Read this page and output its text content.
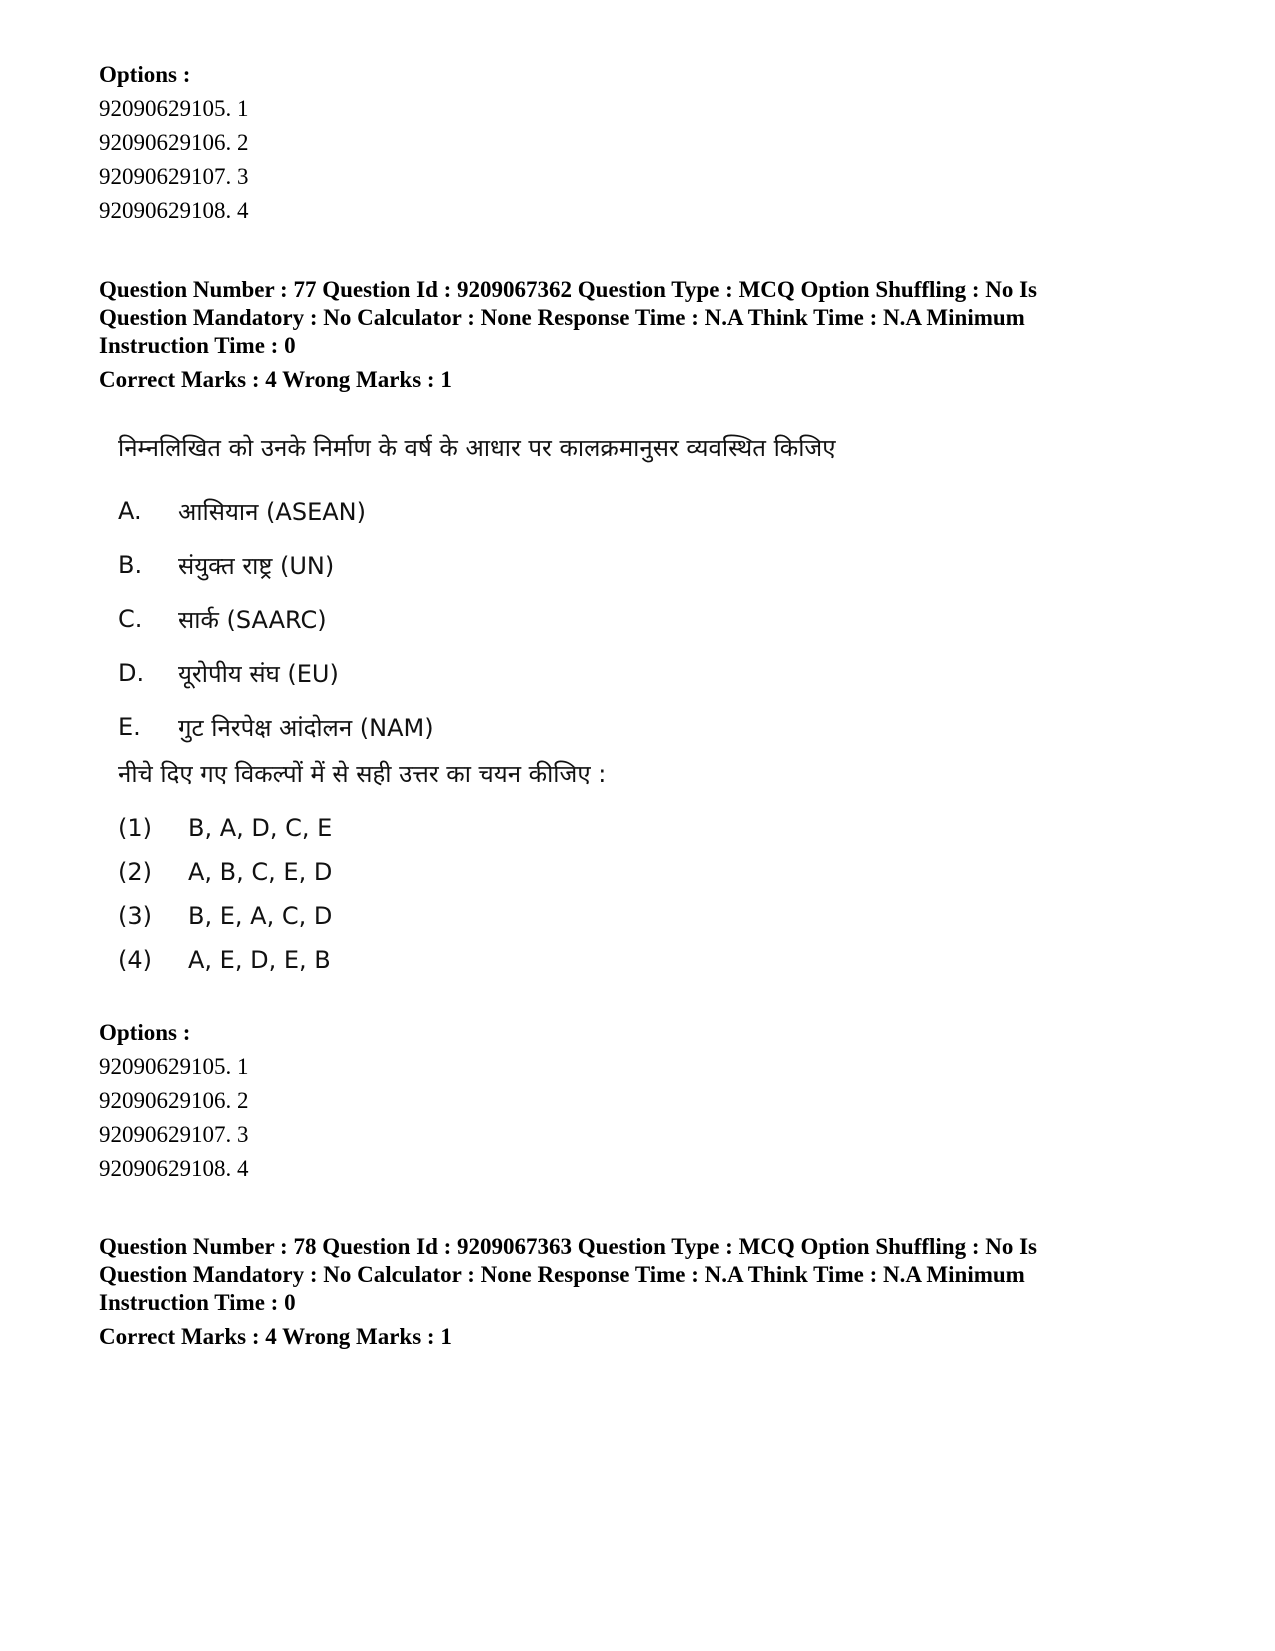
Options :
92090629105. 1
92090629106. 2
92090629107. 3
92090629108. 4
Question Number : 77 Question Id : 9209067362 Question Type : MCQ Option Shuffling : No Is
Question Mandatory : No Calculator : None Response Time : N.A Think Time : N.A Minimum
Instruction Time : 0
Correct Marks : 4 Wrong Marks : 1
निम्नलिखित को उनके निर्माण के वर्ष के आधार पर कालक्रमानुसर व्यवस्थित किजिए
A.	आसियान (ASEAN)
B.	संयुक्त राष्ट्र (UN)
C.	सार्क (SAARC)
D.	यूरोपीय संघ (EU)
E.	गुट निरपेक्ष आंदोलन (NAM)
नीचे दिए गए विकल्पों में से सही उत्तर का चयन कीजिए :
(1)	B, A, D, C, E
(2)	A, B, C, E, D
(3)	B, E, A, C, D
(4)	A, E, D, E, B
Options :
92090629105. 1
92090629106. 2
92090629107. 3
92090629108. 4
Question Number : 78 Question Id : 9209067363 Question Type : MCQ Option Shuffling : No Is
Question Mandatory : No Calculator : None Response Time : N.A Think Time : N.A Minimum
Instruction Time : 0
Correct Marks : 4 Wrong Marks : 1
